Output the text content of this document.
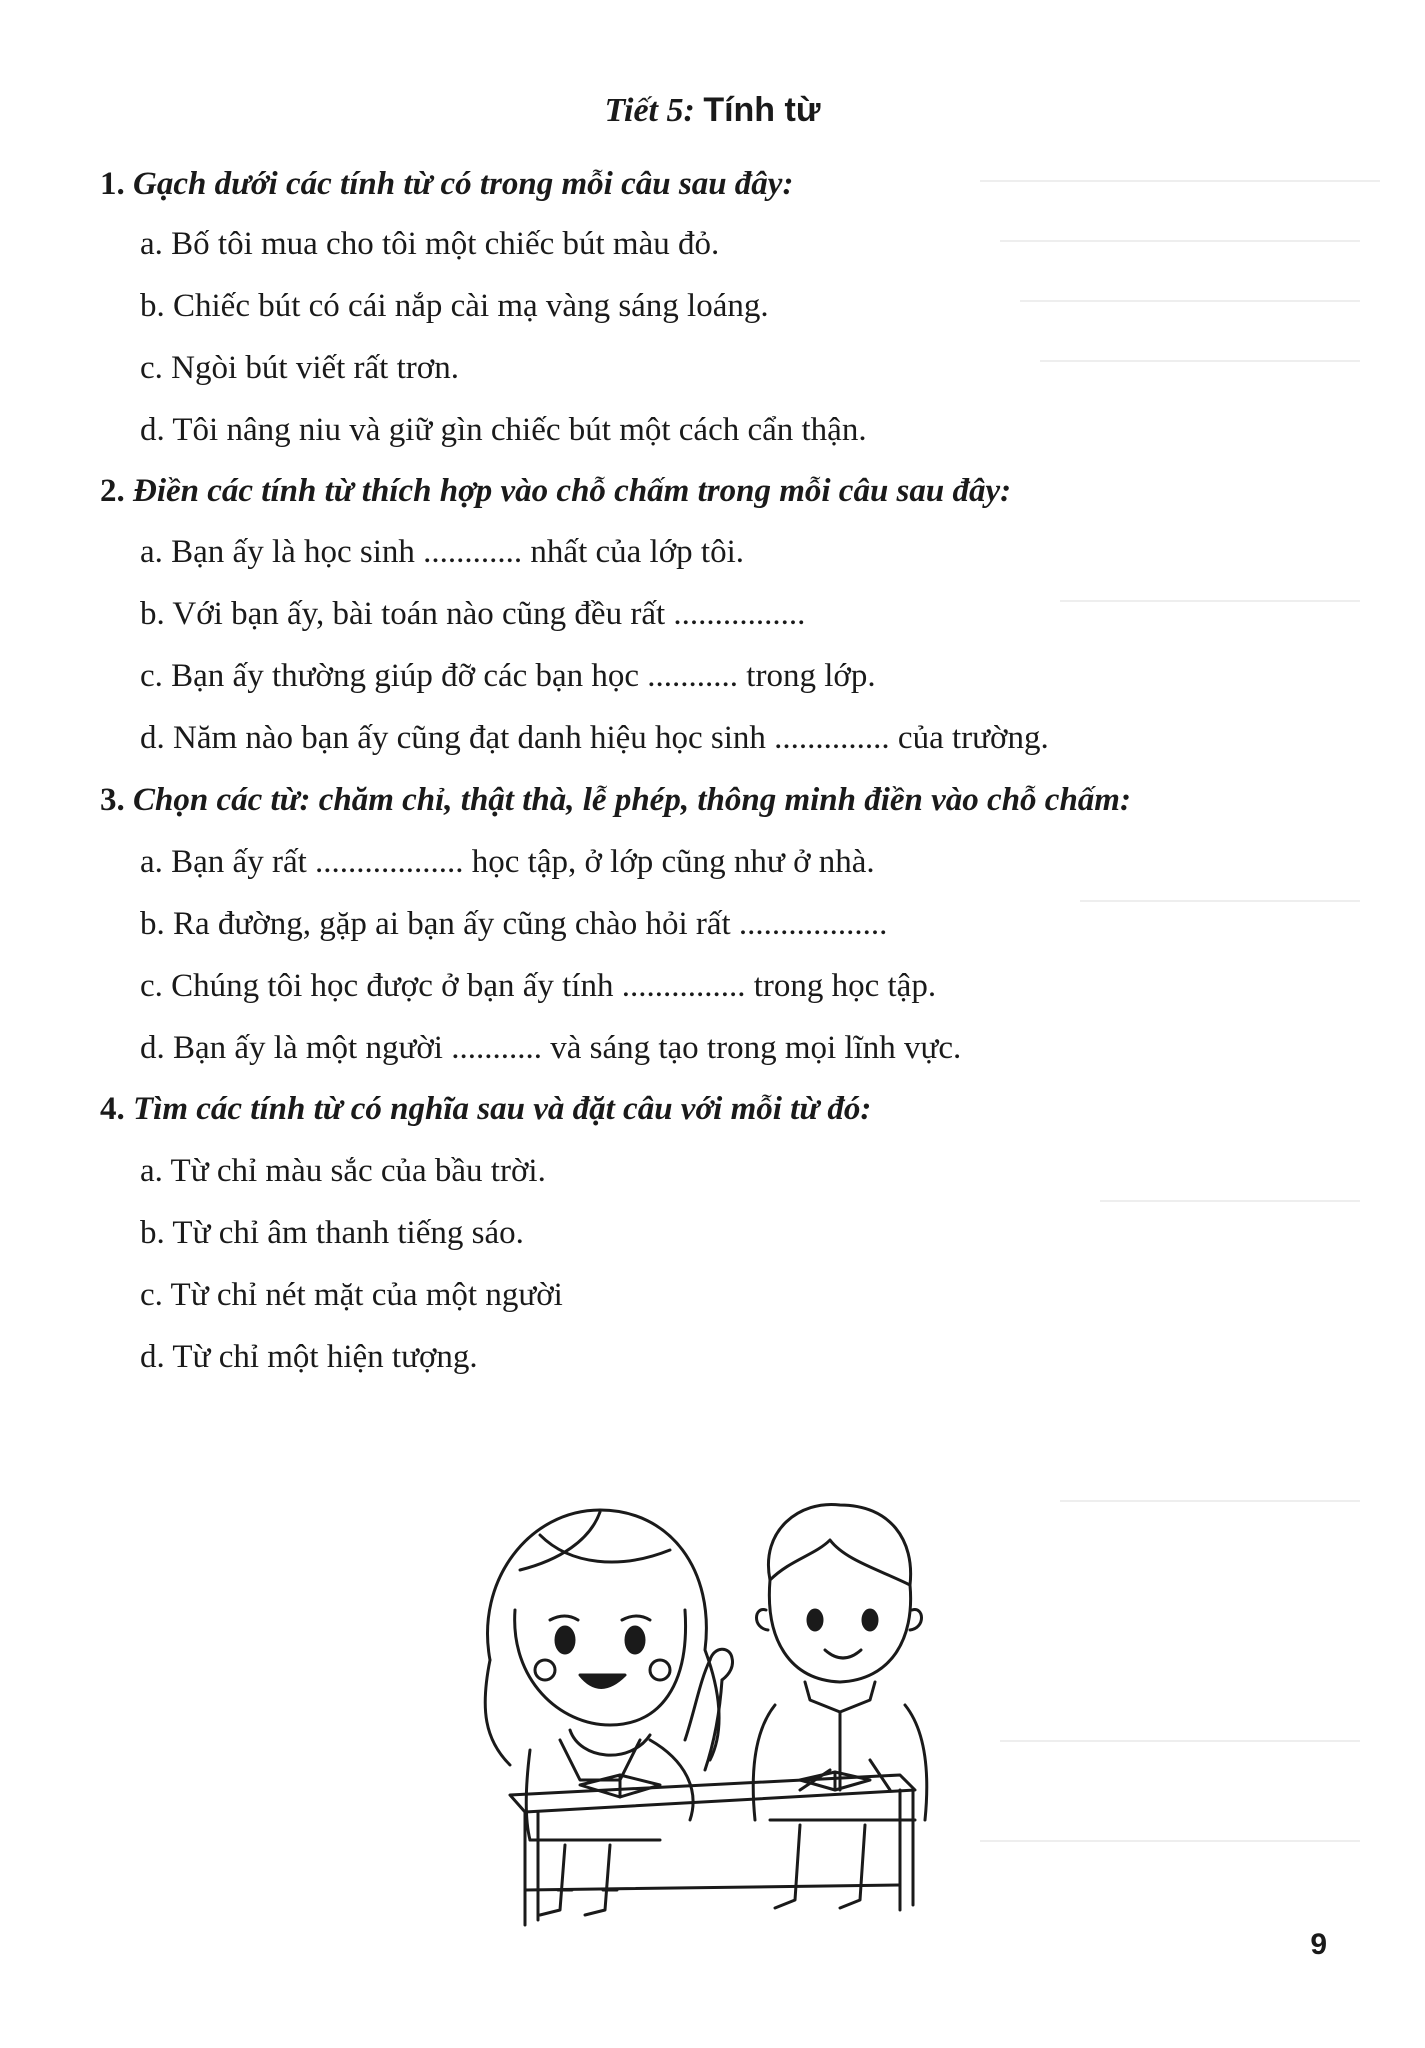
Tiết 5: Tính từ
1. Gạch dưới các tính từ có trong mỗi câu sau đây:
a. Bố tôi mua cho tôi một chiếc bút màu đỏ.
b. Chiếc bút có cái nắp cài mạ vàng sáng loáng.
c. Ngòi bút viết rất trơn.
d. Tôi nâng niu và giữ gìn chiếc bút một cách cẩn thận.
2. Điền các tính từ thích hợp vào chỗ chấm trong mỗi câu sau đây:
a. Bạn ấy là học sinh ............ nhất của lớp tôi.
b. Với bạn ấy, bài toán nào cũng đều rất ................
c. Bạn ấy thường giúp đỡ các bạn học ........... trong lớp.
d. Năm nào bạn ấy cũng đạt danh hiệu học sinh .............. của trường.
3. Chọn các từ: chăm chỉ, thật thà, lễ phép, thông minh điền vào chỗ chấm:
a. Bạn ấy rất .................. học tập, ở lớp cũng như ở nhà.
b. Ra đường, gặp ai bạn ấy cũng chào hỏi rất ..................
c. Chúng tôi học được ở bạn ấy tính ............... trong học tập.
d. Bạn ấy là một người ........... và sáng tạo trong mọi lĩnh vực.
4. Tìm các tính từ có nghĩa sau và đặt câu với mỗi từ đó:
a. Từ chỉ màu sắc của bầu trời.
b. Từ chỉ âm thanh tiếng sáo.
c. Từ chỉ nét mặt của một người
d. Từ chỉ một hiện tượng.
9
